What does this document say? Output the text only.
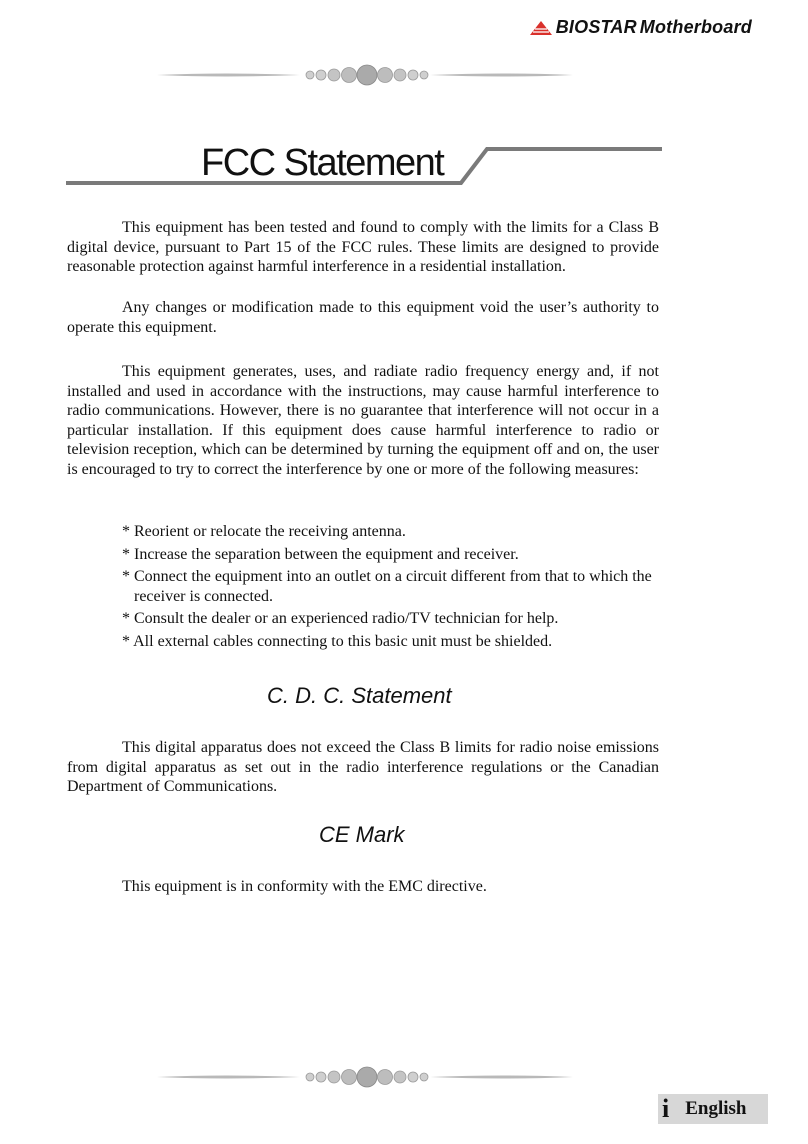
BIOSTAR Motherboard
FCC Statement

This equipment has been tested and found to comply with the limits for a Class B digital device, pursuant to Part 15 of the FCC rules. These limits are designed to provide reasonable protection against harmful interference in a residential installation.

Any changes or modification made to this equipment void the user’s authority to operate this equipment.

This equipment generates, uses, and radiate radio frequency energy and, if not installed and used in accordance with the instructions, may cause harmful interference to radio communications. However, there is no guarantee that interference will not occur in a particular installation. If this equipment does cause harmful interference to radio or television reception, which can be determined by turning the equipment off and on, the user is encouraged to try to correct the interference by one or more of the following measures:

* Reorient or relocate the receiving antenna.
* Increase the separation between the equipment and receiver.
* Connect the equipment into an outlet on a circuit different from that to which the receiver is connected.
* Consult the dealer or an experienced radio/TV technician for help.
* All external cables connecting to this basic unit must be shielded.
C. D. C. Statement

This digital apparatus does not exceed the Class B limits for radio noise emissions from digital apparatus as set out in the radio interference regulations or the Canadian Department of Communications.

CE Mark

This equipment is in conformity with the EMC directive.

i English
